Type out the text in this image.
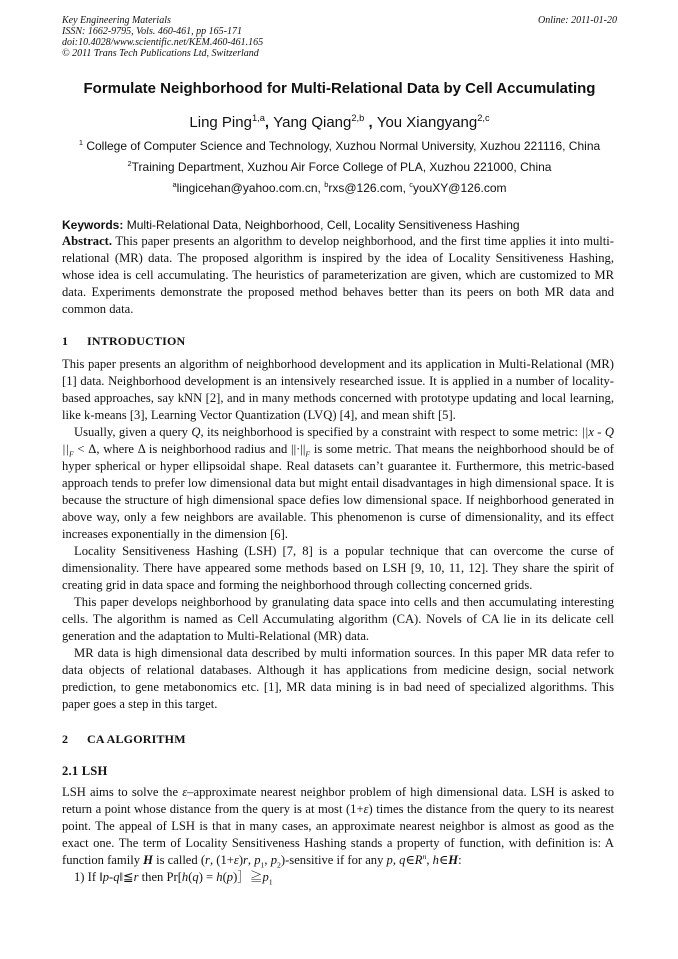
Key Engineering Materials
ISSN: 1662-9795, Vols. 460-461, pp 165-171
doi:10.4028/www.scientific.net/KEM.460-461.165
© 2011 Trans Tech Publications Ltd, Switzerland
Online: 2011-01-20
Formulate Neighborhood for Multi-Relational Data by Cell Accumulating
Ling Ping$^{1,a}$, Yang Qiang$^{2,b}$ , You Xiangyang$^{2,c}$
$^1$ College of Computer Science and Technology, Xuzhou Normal University, Xuzhou 221116, China
$^2$Training Department, Xuzhou Air Force College of PLA, Xuzhou 221000, China
$^a$lingicehan@yahoo.com.cn, $^b$rxs@126.com, $^c$youXY@126.com
Keywords: Multi-Relational Data, Neighborhood, Cell, Locality Sensitiveness Hashing
Abstract. This paper presents an algorithm to develop neighborhood, and the first time applies it into multi-relational (MR) data. The proposed algorithm is inspired by the idea of Locality Sensitiveness Hashing, whose idea is cell accumulating. The heuristics of parameterization are given, which are customized to MR data. Experiments demonstrate the proposed method behaves better than its peers on both MR data and common data.
1 INTRODUCTION

This paper presents an algorithm of neighborhood development and its application in Multi-Relational (MR) [1] data. Neighborhood development is an intensively researched issue. It is applied in a number of locality-based approaches, say kNN [2], and in many methods concerned with prototype updating and local learning, like k-means [3], Learning Vector Quantization (LVQ) [4], and mean shift [5].

Usually, given a query Q, its neighborhood is specified by a constraint with respect to some metric: ||x - Q $||_F < \Delta$, where Δ is neighborhood radius and $||\cdot||_F$ is some metric. That means the neighborhood should be of hyper spherical or hyper ellipsoidal shape. Real datasets can’t guarantee it. Furthermore, this metric-based approach tends to prefer low dimensional data but might entail disadvantages in high dimensional space. It is because the structure of high dimensional space defies low dimensional space. If neighborhood generated in above way, only a few neighbors are available. This phenomenon is curse of dimensionality, and its effect increases exponentially in the dimension [6].

Locality Sensitiveness Hashing (LSH) [7, 8] is a popular technique that can overcome the curse of dimensionality. There have appeared some methods based on LSH [9, 10, 11, 12]. They share the spirit of creating grid in data space and forming the neighborhood through collecting concerned grids.

This paper develops neighborhood by granulating data space into cells and then accumulating interesting cells. The algorithm is named as Cell Accumulating algorithm (CA). Novels of CA lie in its delicate cell generation and the adaptation to Multi-Relational (MR) data.

MR data is high dimensional data described by multi information sources. In this paper MR data refer to data objects of relational databases. Although it has applications from medicine design, social network prediction, to gene metabonomics etc. [1], MR data mining is in bad need of specialized algorithms. This paper goes a step in this target.

2 CA ALGORITHM
2.1 LSH

LSH aims to solve the ε–approximate nearest neighbor problem of high dimensional data. LSH is asked to return a point whose distance from the query is at most (1+ε) times the distance from the query to its nearest point. The appeal of LSH is that in many cases, an approximate nearest neighbor is almost as good as the exact one. The term of Locality Sensitiveness Hashing stands a property of function, with definition is: A function family H is called (r, (1+ε)r, $p_1$, $p_2$)-sensitive if for any p, $q\in R^n$, h∈H:

1) If ‖p-q‖≦r then $Pr[h(q) = h(p)]≧p_1$
